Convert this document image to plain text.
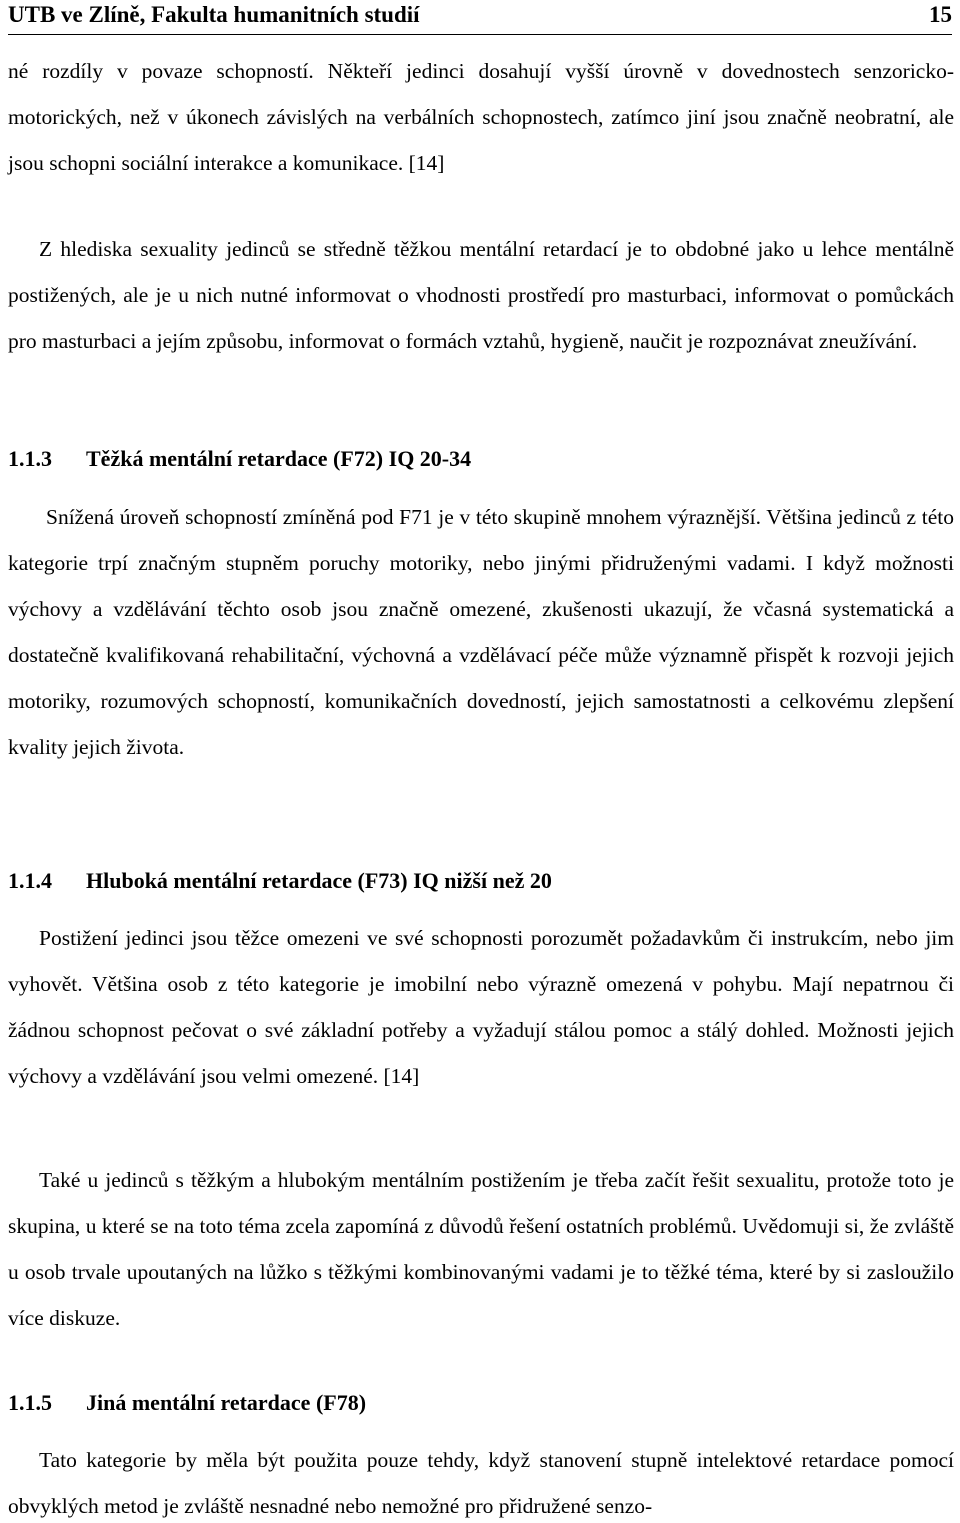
UTB ve Zlíně, Fakulta humanitních studií	15

né rozdíly v povaze schopností. Někteří jedinci dosahují vyšší úrovně v dovednostech senzoricko-motorických, než v úkonech závislých na verbálních schopnostech, zatímco jiní jsou značně neobratní, ale jsou schopni sociální interakce a komunikace. [14]

Z hlediska sexuality jedinců se středně těžkou mentální retardací je to obdobné jako u lehce mentálně postižených, ale je u nich nutné informovat o vhodnosti prostředí pro masturbaci, informovat o pomůckách pro masturbaci a jejím způsobu, informovat o formách vztahů, hygieně, naučit je rozpoznávat zneužívání.

1.1.3 Těžká mentální retardace (F72) IQ 20-34

Snížená úroveň schopností zmíněná pod F71 je v této skupině mnohem výraznější. Většina jedinců z této kategorie trpí značným stupněm poruchy motoriky, nebo jinými přidruženými vadami. I když možnosti výchovy a vzdělávání těchto osob jsou značně omezené, zkušenosti ukazují, že včasná systematická a dostatečně kvalifikovaná rehabilitační, výchovná a vzdělávací péče může významně přispět k rozvoji jejich motoriky, rozumových schopností, komunikačních dovedností, jejich samostatnosti a celkovému zlepšení kvality jejich života.

1.1.4 Hluboká mentální retardace (F73) IQ nižší než 20

Postižení jedinci jsou těžce omezeni ve své schopnosti porozumět požadavkům či instrukcím, nebo jim vyhovět. Většina osob z této kategorie je imobilní nebo výrazně omezená v pohybu. Mají nepatrnou či žádnou schopnost pečovat o své základní potřeby a vyžadují stálou pomoc a stálý dohled. Možnosti jejich výchovy a vzdělávání jsou velmi omezené. [14]

Také u jedinců s těžkým a hlubokým mentálním postižením je třeba začít řešit sexualitu, protože toto je skupina, u které se na toto téma zcela zapomíná z důvodů řešení ostatních problémů. Uvědomuji si, že zvláště u osob trvale upoutaných na lůžko s těžkými kombinovanými vadami je to těžké téma, které by si zasloužilo více diskuze.

1.1.5 Jiná mentální retardace (F78)

Tato kategorie by měla být použita pouze tehdy, když stanovení stupně intelektové retardace pomocí obvyklých metod je zvláště nesnadné nebo nemožné pro přidružené senzo-
